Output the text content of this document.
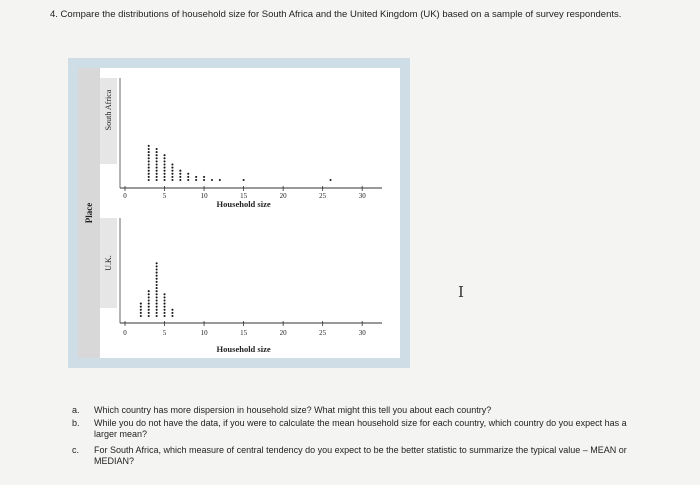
4. Compare the distributions of household size for South Africa and the United Kingdom (UK) based on a sample of survey respondents.

Place
South Africa
0	5	10	15	20	25	30
Household size
U.K.
0	5	10	15	20	25	30
Household size
I
a.	Which country has more dispersion in household size? What might this tell you about each country?
b.	While you do not have the data, if you were to calculate the mean household size for each country, which country do you expect has a larger mean?
c.	For South Africa, which measure of central tendency do you expect to be the better statistic to summarize the typical value – MEAN or MEDIAN?
